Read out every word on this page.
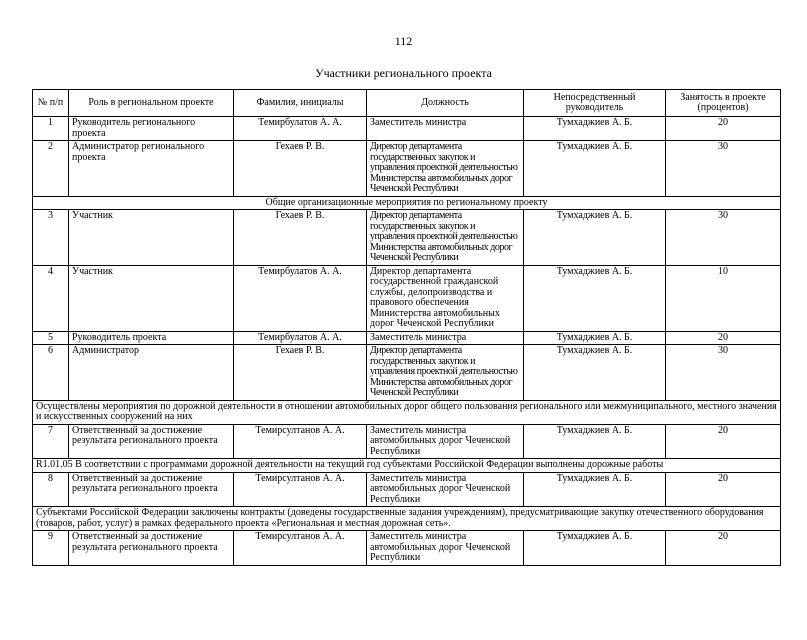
112
Участники регионального проекта
№ п/п	Роль в региональном проекте	Фамилия, инициалы	Должность	Непосредственный руководитель	Занятость в проекте (процентов)
1	Руководитель регионального проекта	Темирбулатов А. А.	Заместитель министра	Тумхаджиев А. Б.	20
2	Администратор регионального проекта	Гехаев Р. В.	Директор департамента государственных закупок и управления проектной деятельностью Министерства автомобильных дорог Чеченской Республики	Тумхаджиев А. Б.	30
Общие организационные мероприятия по региональному проекту					
3	Участник	Гехаев Р. В.	Директор департамента государственных закупок и управления проектной деятельностью Министерства автомобильных дорог Чеченской Республики	Тумхаджиев А. Б.	30
4	Участник	Темирбулатов А. А.	Директор департамента государственной гражданской службы, делопроизводства и правового обеспечения Министерства автомобильных дорог Чеченской Республики	Тумхаджиев А. Б.	10
5	Руководитель проекта	Темирбулатов А. А.	Заместитель министра	Тумхаджиев А. Б.	20
6	Администратор	Гехаев Р. В.	Директор департамента государственных закупок и управления проектной деятельностью Министерства автомобильных дорог Чеченской Республики	Тумхаджиев А. Б.	30
Осуществлены мероприятия по дорожной деятельности в отношении автомобильных дорог общего пользования регионального или межмуниципального, местного значения и искусственных сооружений на них					
7	Ответственный за достижение результата регионального проекта	Темирсултанов А. А.	Заместитель министра автомобильных дорог Чеченской Республики	Тумхаджиев А. Б.	20
R1.01.05 В соответствии с программами дорожной деятельности на текущий год субъектами Российской Федерации выполнены дорожные работы					
8	Ответственный за достижение результата регионального проекта	Темирсултанов А. А.	Заместитель министра автомобильных дорог Чеченской Республики	Тумхаджиев А. Б.	20
Субъектами Российской Федерации заключены контракты (доведены государственные задания учреждениям), предусматривающие закупку отечественного оборудования (товаров, работ, услуг) в рамках федерального проекта «Региональная и местная дорожная сеть».					
9	Ответственный за достижение результата регионального проекта	Темирсултанов А. А.	Заместитель министра автомобильных дорог Чеченской Республики	Тумхаджиев А. Б.	20
